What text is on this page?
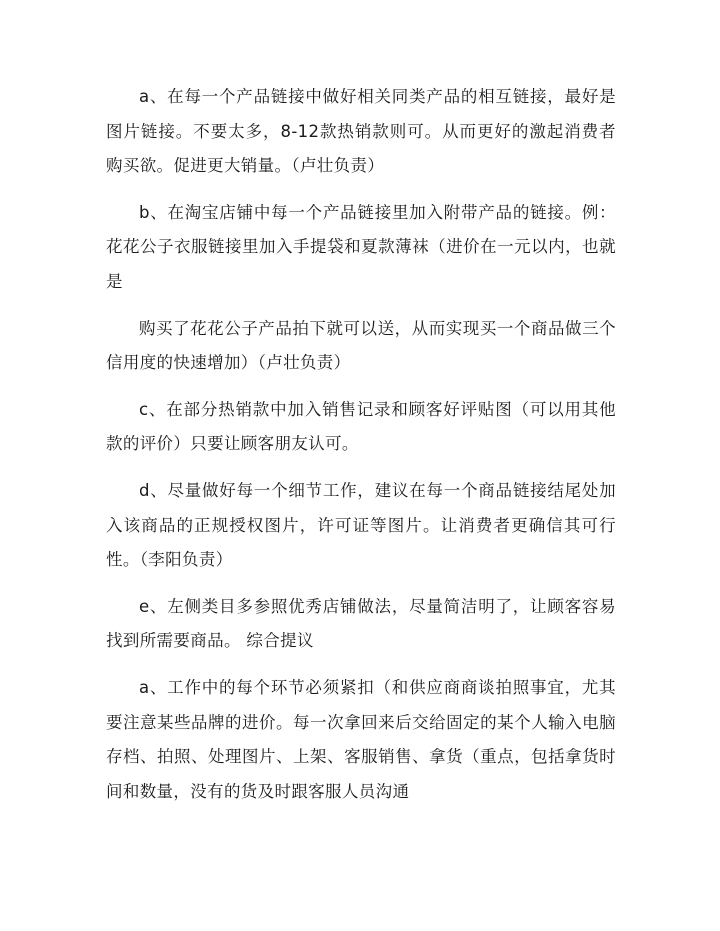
a、在每一个产品链接中做好相关同类产品的相互链接，最好是图片链接。不要太多，8-12款热销款则可。从而更好的激起消费者购买欲。促进更大销量。（卢壮负责）

b、在淘宝店铺中每一个产品链接里加入附带产品的链接。例：花花公子衣服链接里加入手提袋和夏款薄袜（进价在一元以内，也就是

购买了花花公子产品拍下就可以送，从而实现买一个商品做三个信用度的快速增加）（卢壮负责）

c、在部分热销款中加入销售记录和顾客好评贴图（可以用其他款的评价）只要让顾客朋友认可。

d、尽量做好每一个细节工作，建议在每一个商品链接结尾处加入该商品的正规授权图片，许可证等图片。让消费者更确信其可行性。（李阳负责）

e、左侧类目多参照优秀店铺做法，尽量简洁明了，让顾客容易找到所需要商品。 综合提议

a、工作中的每个环节必须紧扣（和供应商商谈拍照事宜，尤其要注意某些品牌的进价。每一次拿回来后交给固定的某个人输入电脑存档、拍照、处理图片、上架、客服销售、拿货（重点，包括拿货时间和数量，没有的货及时跟客服人员沟通
